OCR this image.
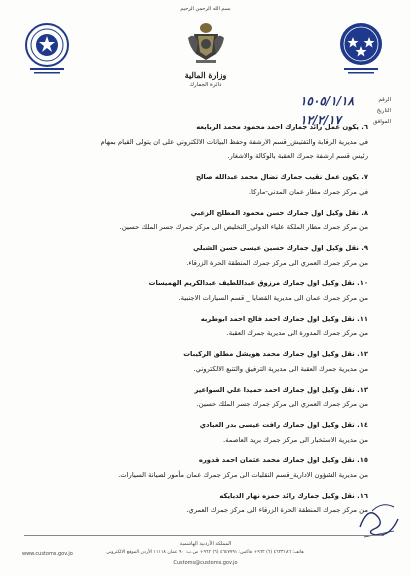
بسم الله الرحمن الرحيم
وزارة المالية
دائرة الجمارك
الرقم
التاريخ
الموافق
١٥٠٥/١/١٨
١٢/٢/١٧
٦. يكون عمل رائد جمارك احمد محمود محمد الربايعه
في مديرية الرقابة والتفتيش_قسم الارشفة وحفظ البيانات الالكتروني على ان يتولى القيام بمهام
رئيس قسم ارشفة جمرك العقبة بالوكالة والاشغار.
٧. يكون عمل نقيب جمارك نضال محمد عبدالله صالح
في مركز جمرك مطار عمان المدني-ماركا.
٨. نقل وكيل اول جمارك حسن محمود المطلح الزعبي
من مركز جمرك مطار الملكة علياء الدولي_التخليص الى مركز جمرك جسر الملك حسين.
٩. نقل وكيل اول جمارك حسين عيسى حسن الشبلي
من مركز جمرك العمري الى مركز جمرك المنطقة الحرة الزرقاء.
١٠. نقل وكيل اول جمارك مرزوق عبداللطيف عبدالكريم الهميسات
من مركز جمرك عمان الى مديرية القضايا _ قسم السيارات الاجنبية.
١١. نقل وكيل اول جمارك احمد فالح احمد ابوطربه
من مركز جمرك المدورة الى مديرية جمرك العقبة.
١٢. نقل وكيل اول جمارك محمد هويشل مطلق الركيبات
من مديرية جمرك العقبة الى مديرية الترفيق والتتبع الالكتروني.
١٣. نقل وكيل اول جمارك احمد حميدا علي السواعير
من مركز جمرك العمري الى مركز جمرك جسر الملك حسين.
١٤. نقل وكيل اول جمارك رافت عيسى بدر العبادي
من مديرية الاستخبار الى مركز جمرك بريد العاصمة.
١٥. نقل وكيل اول جمارك محمد عثمان احمد قدوره
من مديرية الشؤون الادارية_قسم النقليات الى مركز جمرك عمان مأمور لصيانة السيارات.
١٦. نقل وكيل جمارك رائد حمزه نهار الدبايكه
من مركز جمرك المنطقة الحرة الزرقاء الى مركز جمرك العمري.
المملكة الأردنية الهاشمية
هاتف: ٤٦٢٣١٨٦ (٦) ٩٦٢+ فاكس: ٤٦٤٧٧٩١ (٦) ٩٦٢+ ص.ب: ٩٠ عمان ١١١١٨ الأردن الموقع الالكتروني
www.customs.gov.jo
Customs@customs.gov.jo
